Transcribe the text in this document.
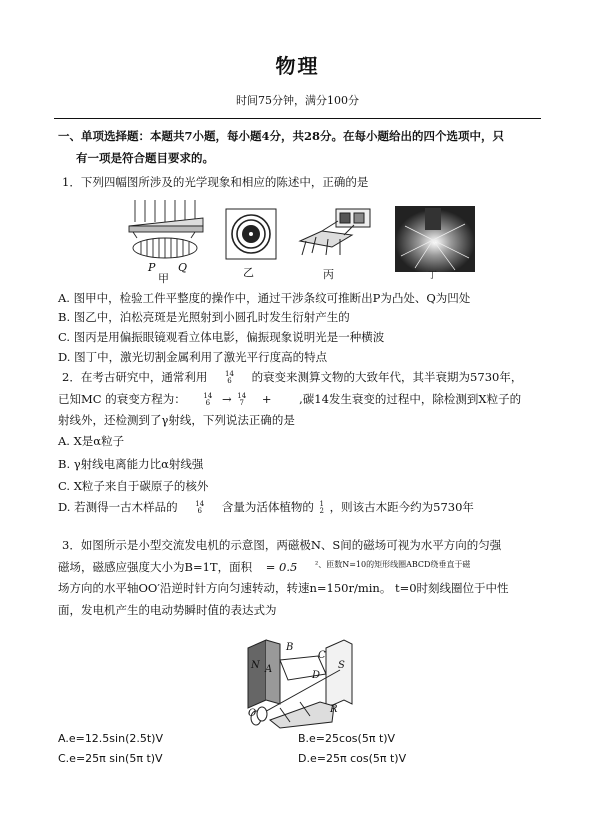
物理
时间75分钟，满分100分
一、单项选择题：本题共7小题，每小题4分，共28分。在每小题给出的四个选项中，只
有一项是符合题目要求的。
1．下列四幅图所涉及的光学现象和相应的陈述中，正确的是
P Q
甲	乙	丙	丁
A. 图甲中，检验工件平整度的操作中，通过干涉条纹可推断出P为凸处、Q为凹处
B. 图乙中，泊松亮斑是光照射到小圆孔时发生衍射产生的
C. 图丙是用偏振眼镜观看立体电影，偏振现象说明光是一种横波
D. 图丁中，激光切割金属利用了激光平行度高的特点
2．在考古研究中，通常利用	14
6 的衰变来测算文物的大致年代，其半衰期为5730年，
已知MC 的衰变方程为：	14
6 → 14
7 + ,碳14发生衰变的过程中，除检测到X粒子的
射线外，还检测到了γ射线，下列说法正确的是
A. X是α粒子
B. γ射线电离能力比α射线强
C. X粒子来自于碳原子的核外
D. 若测得一古木样品的	14
6 含量为活体植物的 1
2 ，则该古木距今约为5730年
3．如图所示是小型交流发电机的示意图，两磁极N、S间的磁场可视为水平方向的匀强
磁场，磁感应强度大小为B=1T，面积 = 0.5 $^{^2、匝数N=10的矩形线圈ABCD绕垂直于磁}$
场方向的水平轴OO′沿逆时针方向匀速转动，转速n=150r/min。 t=0时刻线圈位于中性
面，发电机产生的电动势瞬时值的表达式为
N A
B
C
D
S
O	R
A.e=12.5sin(2.5t)V	B.e=25cos(5π t)V
C.e=25π sin(5π t)V	D.e=25π cos(5π t)V
